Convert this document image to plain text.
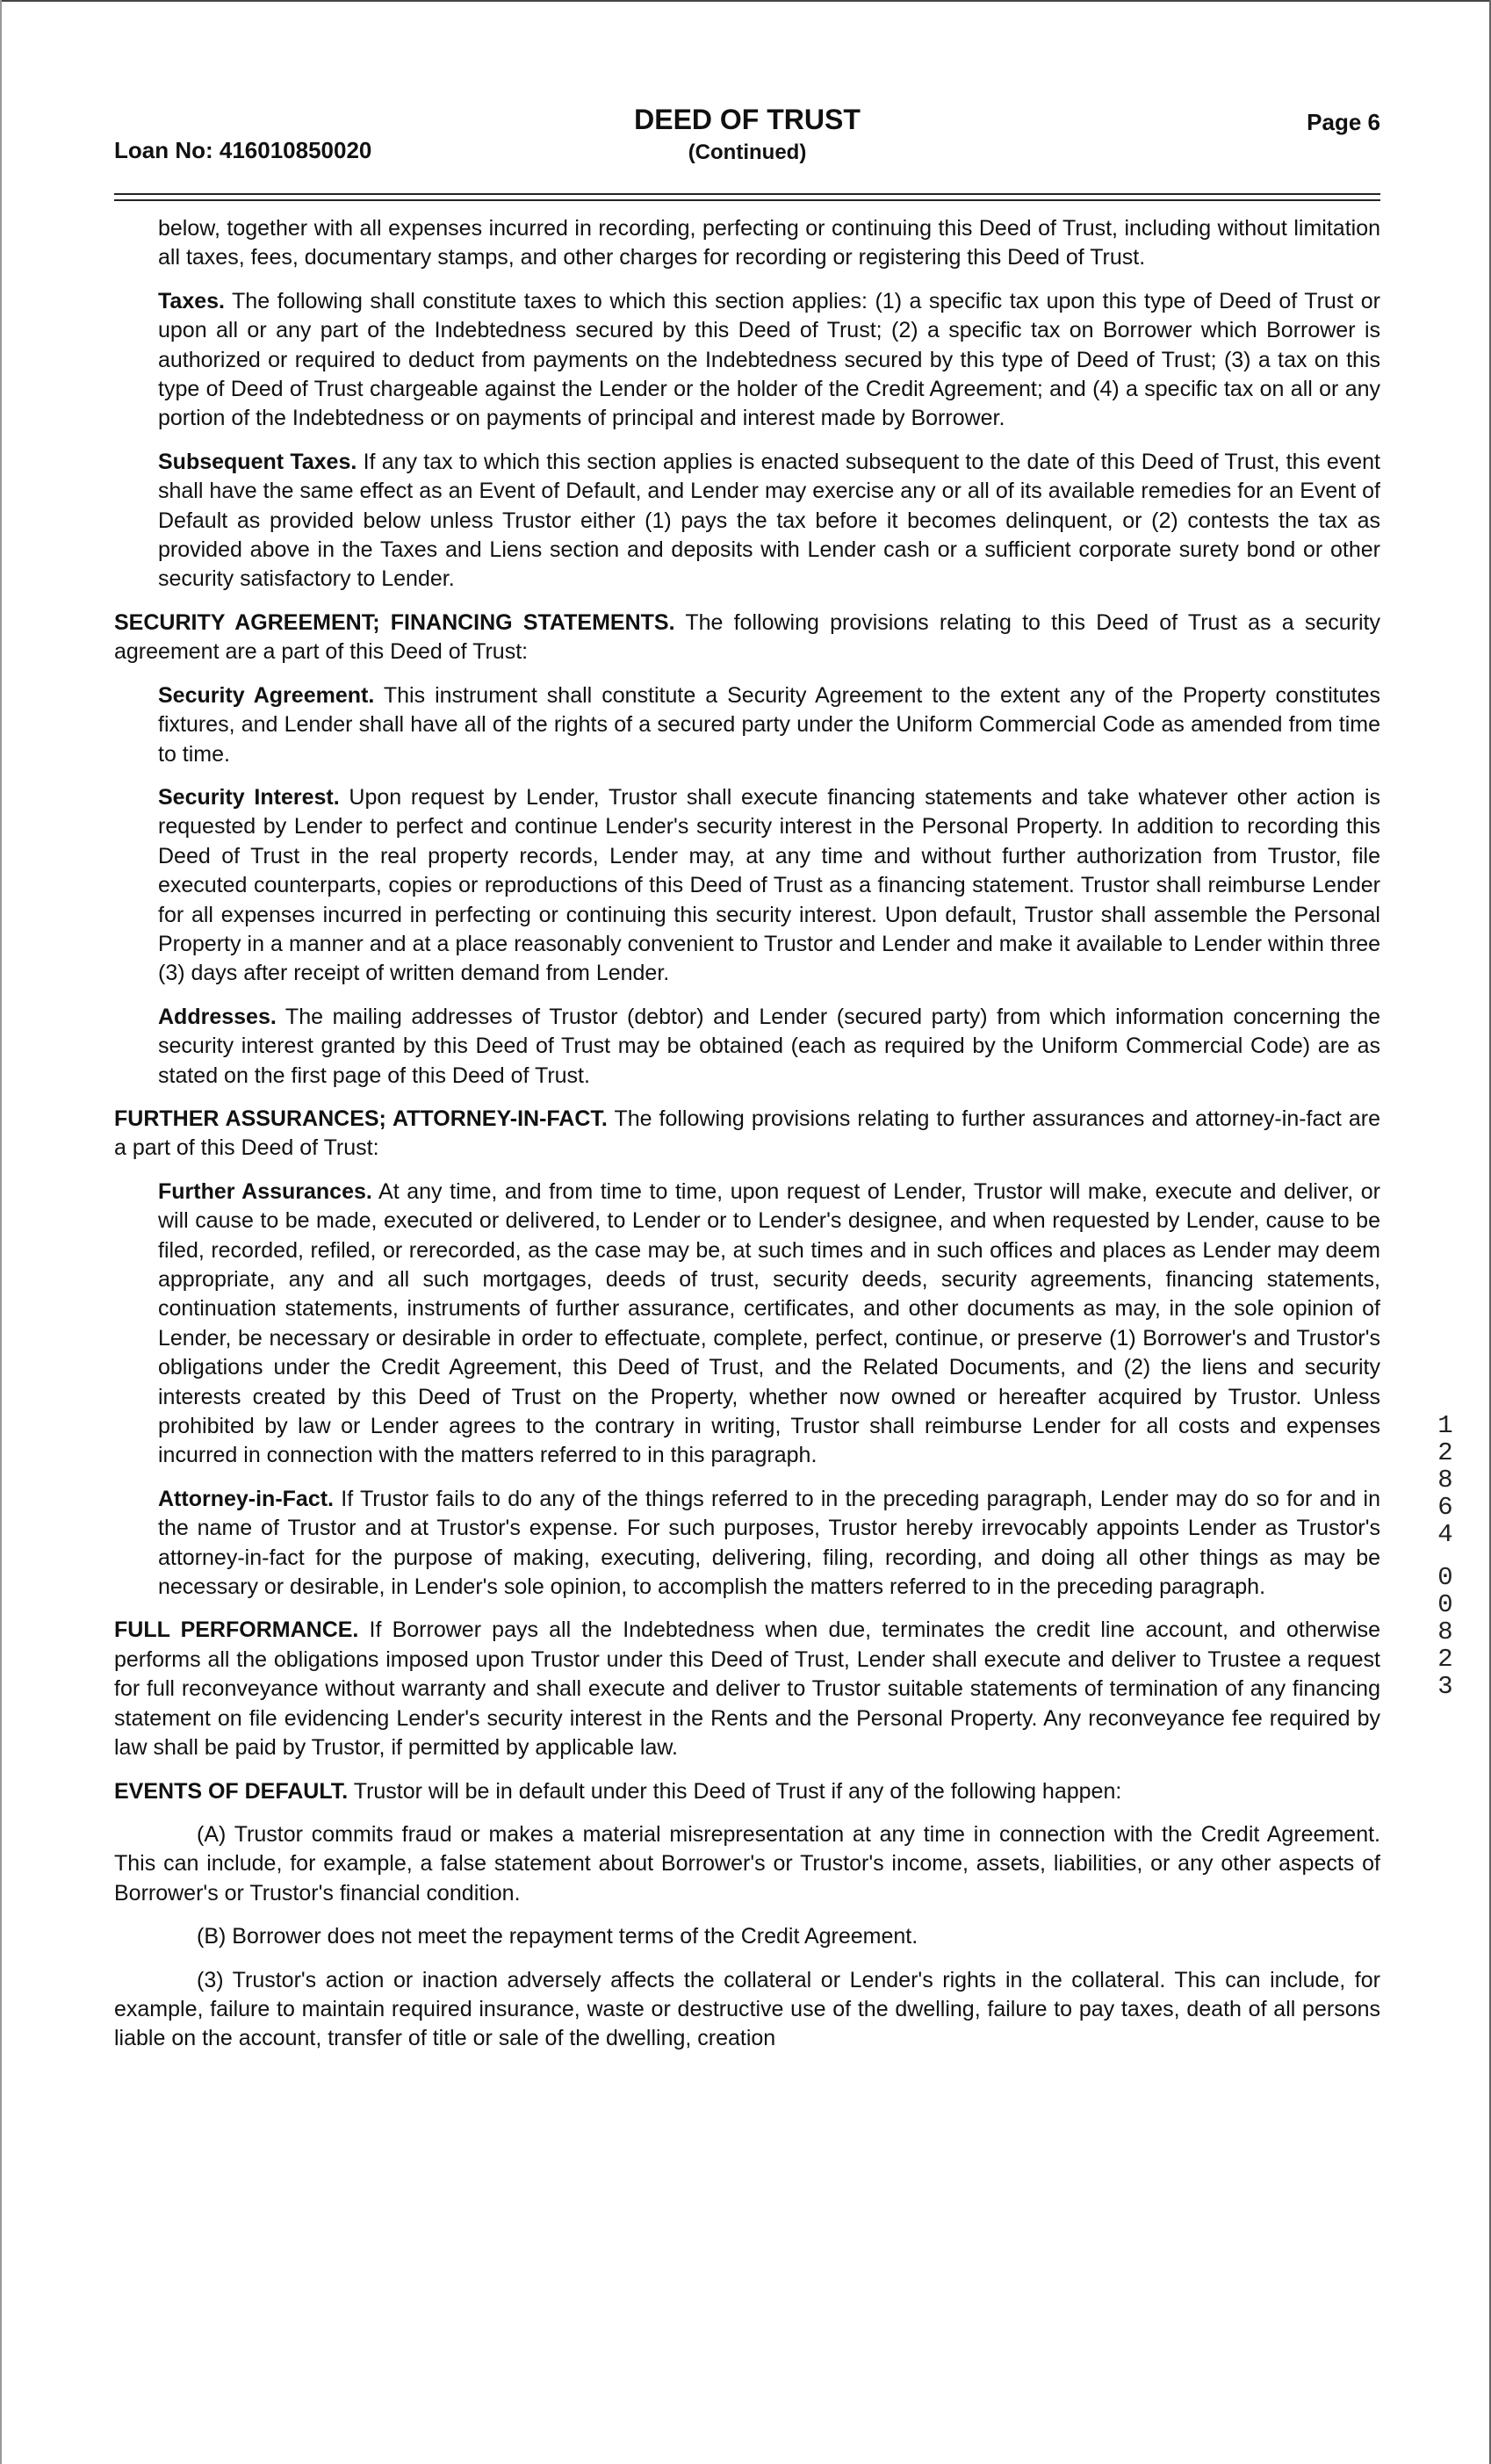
DEED OF TRUST
(Continued)
Loan No: 416010850020
Page 6

below, together with all expenses incurred in recording, perfecting or continuing this Deed of Trust, including without limitation all taxes, fees, documentary stamps, and other charges for recording or registering this Deed of Trust.

Taxes. The following shall constitute taxes to which this section applies: (1) a specific tax upon this type of Deed of Trust or upon all or any part of the Indebtedness secured by this Deed of Trust; (2) a specific tax on Borrower which Borrower is authorized or required to deduct from payments on the Indebtedness secured by this type of Deed of Trust; (3) a tax on this type of Deed of Trust chargeable against the Lender or the holder of the Credit Agreement; and (4) a specific tax on all or any portion of the Indebtedness or on payments of principal and interest made by Borrower.

Subsequent Taxes. If any tax to which this section applies is enacted subsequent to the date of this Deed of Trust, this event shall have the same effect as an Event of Default, and Lender may exercise any or all of its available remedies for an Event of Default as provided below unless Trustor either (1) pays the tax before it becomes delinquent, or (2) contests the tax as provided above in the Taxes and Liens section and deposits with Lender cash or a sufficient corporate surety bond or other security satisfactory to Lender.

SECURITY AGREEMENT; FINANCING STATEMENTS. The following provisions relating to this Deed of Trust as a security agreement are a part of this Deed of Trust:

Security Agreement. This instrument shall constitute a Security Agreement to the extent any of the Property constitutes fixtures, and Lender shall have all of the rights of a secured party under the Uniform Commercial Code as amended from time to time.

Security Interest. Upon request by Lender, Trustor shall execute financing statements and take whatever other action is requested by Lender to perfect and continue Lender's security interest in the Personal Property. In addition to recording this Deed of Trust in the real property records, Lender may, at any time and without further authorization from Trustor, file executed counterparts, copies or reproductions of this Deed of Trust as a financing statement. Trustor shall reimburse Lender for all expenses incurred in perfecting or continuing this security interest. Upon default, Trustor shall assemble the Personal Property in a manner and at a place reasonably convenient to Trustor and Lender and make it available to Lender within three (3) days after receipt of written demand from Lender.

Addresses. The mailing addresses of Trustor (debtor) and Lender (secured party) from which information concerning the security interest granted by this Deed of Trust may be obtained (each as required by the Uniform Commercial Code) are as stated on the first page of this Deed of Trust.

FURTHER ASSURANCES; ATTORNEY-IN-FACT. The following provisions relating to further assurances and attorney-in-fact are a part of this Deed of Trust:

Further Assurances. At any time, and from time to time, upon request of Lender, Trustor will make, execute and deliver, or will cause to be made, executed or delivered, to Lender or to Lender's designee, and when requested by Lender, cause to be filed, recorded, refiled, or rerecorded, as the case may be, at such times and in such offices and places as Lender may deem appropriate, any and all such mortgages, deeds of trust, security deeds, security agreements, financing statements, continuation statements, instruments of further assurance, certificates, and other documents as may, in the sole opinion of Lender, be necessary or desirable in order to effectuate, complete, perfect, continue, or preserve (1) Borrower's and Trustor's obligations under the Credit Agreement, this Deed of Trust, and the Related Documents, and (2) the liens and security interests created by this Deed of Trust on the Property, whether now owned or hereafter acquired by Trustor. Unless prohibited by law or Lender agrees to the contrary in writing, Trustor shall reimburse Lender for all costs and expenses incurred in connection with the matters referred to in this paragraph.

Attorney-in-Fact. If Trustor fails to do any of the things referred to in the preceding paragraph, Lender may do so for and in the name of Trustor and at Trustor's expense. For such purposes, Trustor hereby irrevocably appoints Lender as Trustor's attorney-in-fact for the purpose of making, executing, delivering, filing, recording, and doing all other things as may be necessary or desirable, in Lender's sole opinion, to accomplish the matters referred to in the preceding paragraph.

FULL PERFORMANCE. If Borrower pays all the Indebtedness when due, terminates the credit line account, and otherwise performs all the obligations imposed upon Trustor under this Deed of Trust, Lender shall execute and deliver to Trustee a request for full reconveyance without warranty and shall execute and deliver to Trustor suitable statements of termination of any financing statement on file evidencing Lender's security interest in the Rents and the Personal Property. Any reconveyance fee required by law shall be paid by Trustor, if permitted by applicable law.

EVENTS OF DEFAULT. Trustor will be in default under this Deed of Trust if any of the following happen:

(A) Trustor commits fraud or makes a material misrepresentation at any time in connection with the Credit Agreement. This can include, for example, a false statement about Borrower's or Trustor's income, assets, liabilities, or any other aspects of Borrower's or Trustor's financial condition.

(B) Borrower does not meet the repayment terms of the Credit Agreement.

(3) Trustor's action or inaction adversely affects the collateral or Lender's rights in the collateral. This can include, for example, failure to maintain required insurance, waste or destructive use of the dwelling, failure to pay taxes, death of all persons liable on the account, transfer of title or sale of the dwelling, creation

1
2
8
6
4
0
0
8
2
3
